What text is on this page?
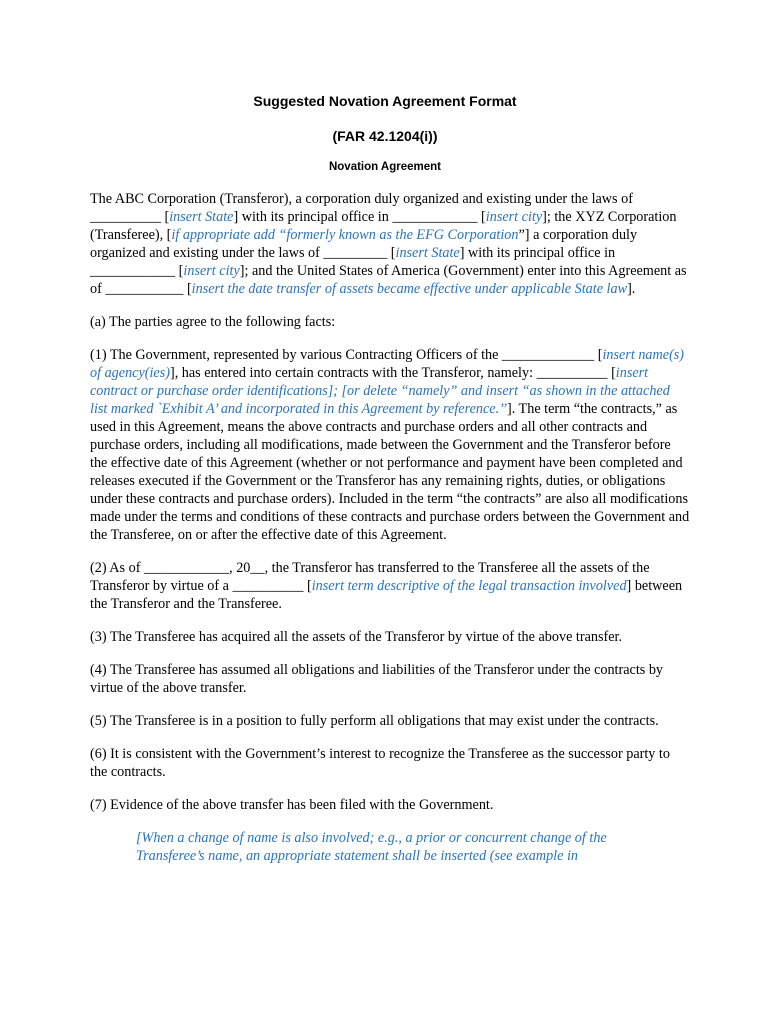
Suggested Novation Agreement Format
(FAR 42.1204(i))
Novation Agreement

The ABC Corporation (Transferor), a corporation duly organized and existing under the laws of __________ [insert State] with its principal office in ____________ [insert city]; the XYZ Corporation (Transferee), [if appropriate add “formerly known as the EFG Corporation”] a corporation duly organized and existing under the laws of _________ [insert State] with its principal office in ____________ [insert city]; and the United States of America (Government) enter into this Agreement as of ___________ [insert the date transfer of assets became effective under applicable State law].

(a) The parties agree to the following facts:

(1) The Government, represented by various Contracting Officers of the _____________ [insert name(s) of agency(ies)], has entered into certain contracts with the Transferor, namely: __________ [insert contract or purchase order identifications]; [or delete “namely” and insert “as shown in the attached list marked `Exhibit A’ and incorporated in this Agreement by reference.’’]. The term “the contracts,” as used in this Agreement, means the above contracts and purchase orders and all other contracts and purchase orders, including all modifications, made between the Government and the Transferor before the effective date of this Agreement (whether or not performance and payment have been completed and releases executed if the Government or the Transferor has any remaining rights, duties, or obligations under these contracts and purchase orders). Included in the term “the contracts” are also all modifications made under the terms and conditions of these contracts and purchase orders between the Government and the Transferee, on or after the effective date of this Agreement.

(2) As of ____________, 20__, the Transferor has transferred to the Transferee all the assets of the Transferor by virtue of a __________ [insert term descriptive of the legal transaction involved] between the Transferor and the Transferee.

(3) The Transferee has acquired all the assets of the Transferor by virtue of the above transfer.

(4) The Transferee has assumed all obligations and liabilities of the Transferor under the contracts by virtue of the above transfer.

(5) The Transferee is in a position to fully perform all obligations that may exist under the contracts.

(6) It is consistent with the Government’s interest to recognize the Transferee as the successor party to the contracts.

(7) Evidence of the above transfer has been filed with the Government.

[When a change of name is also involved; e.g., a prior or concurrent change of the Transferee’s name, an appropriate statement shall be inserted (see example in
